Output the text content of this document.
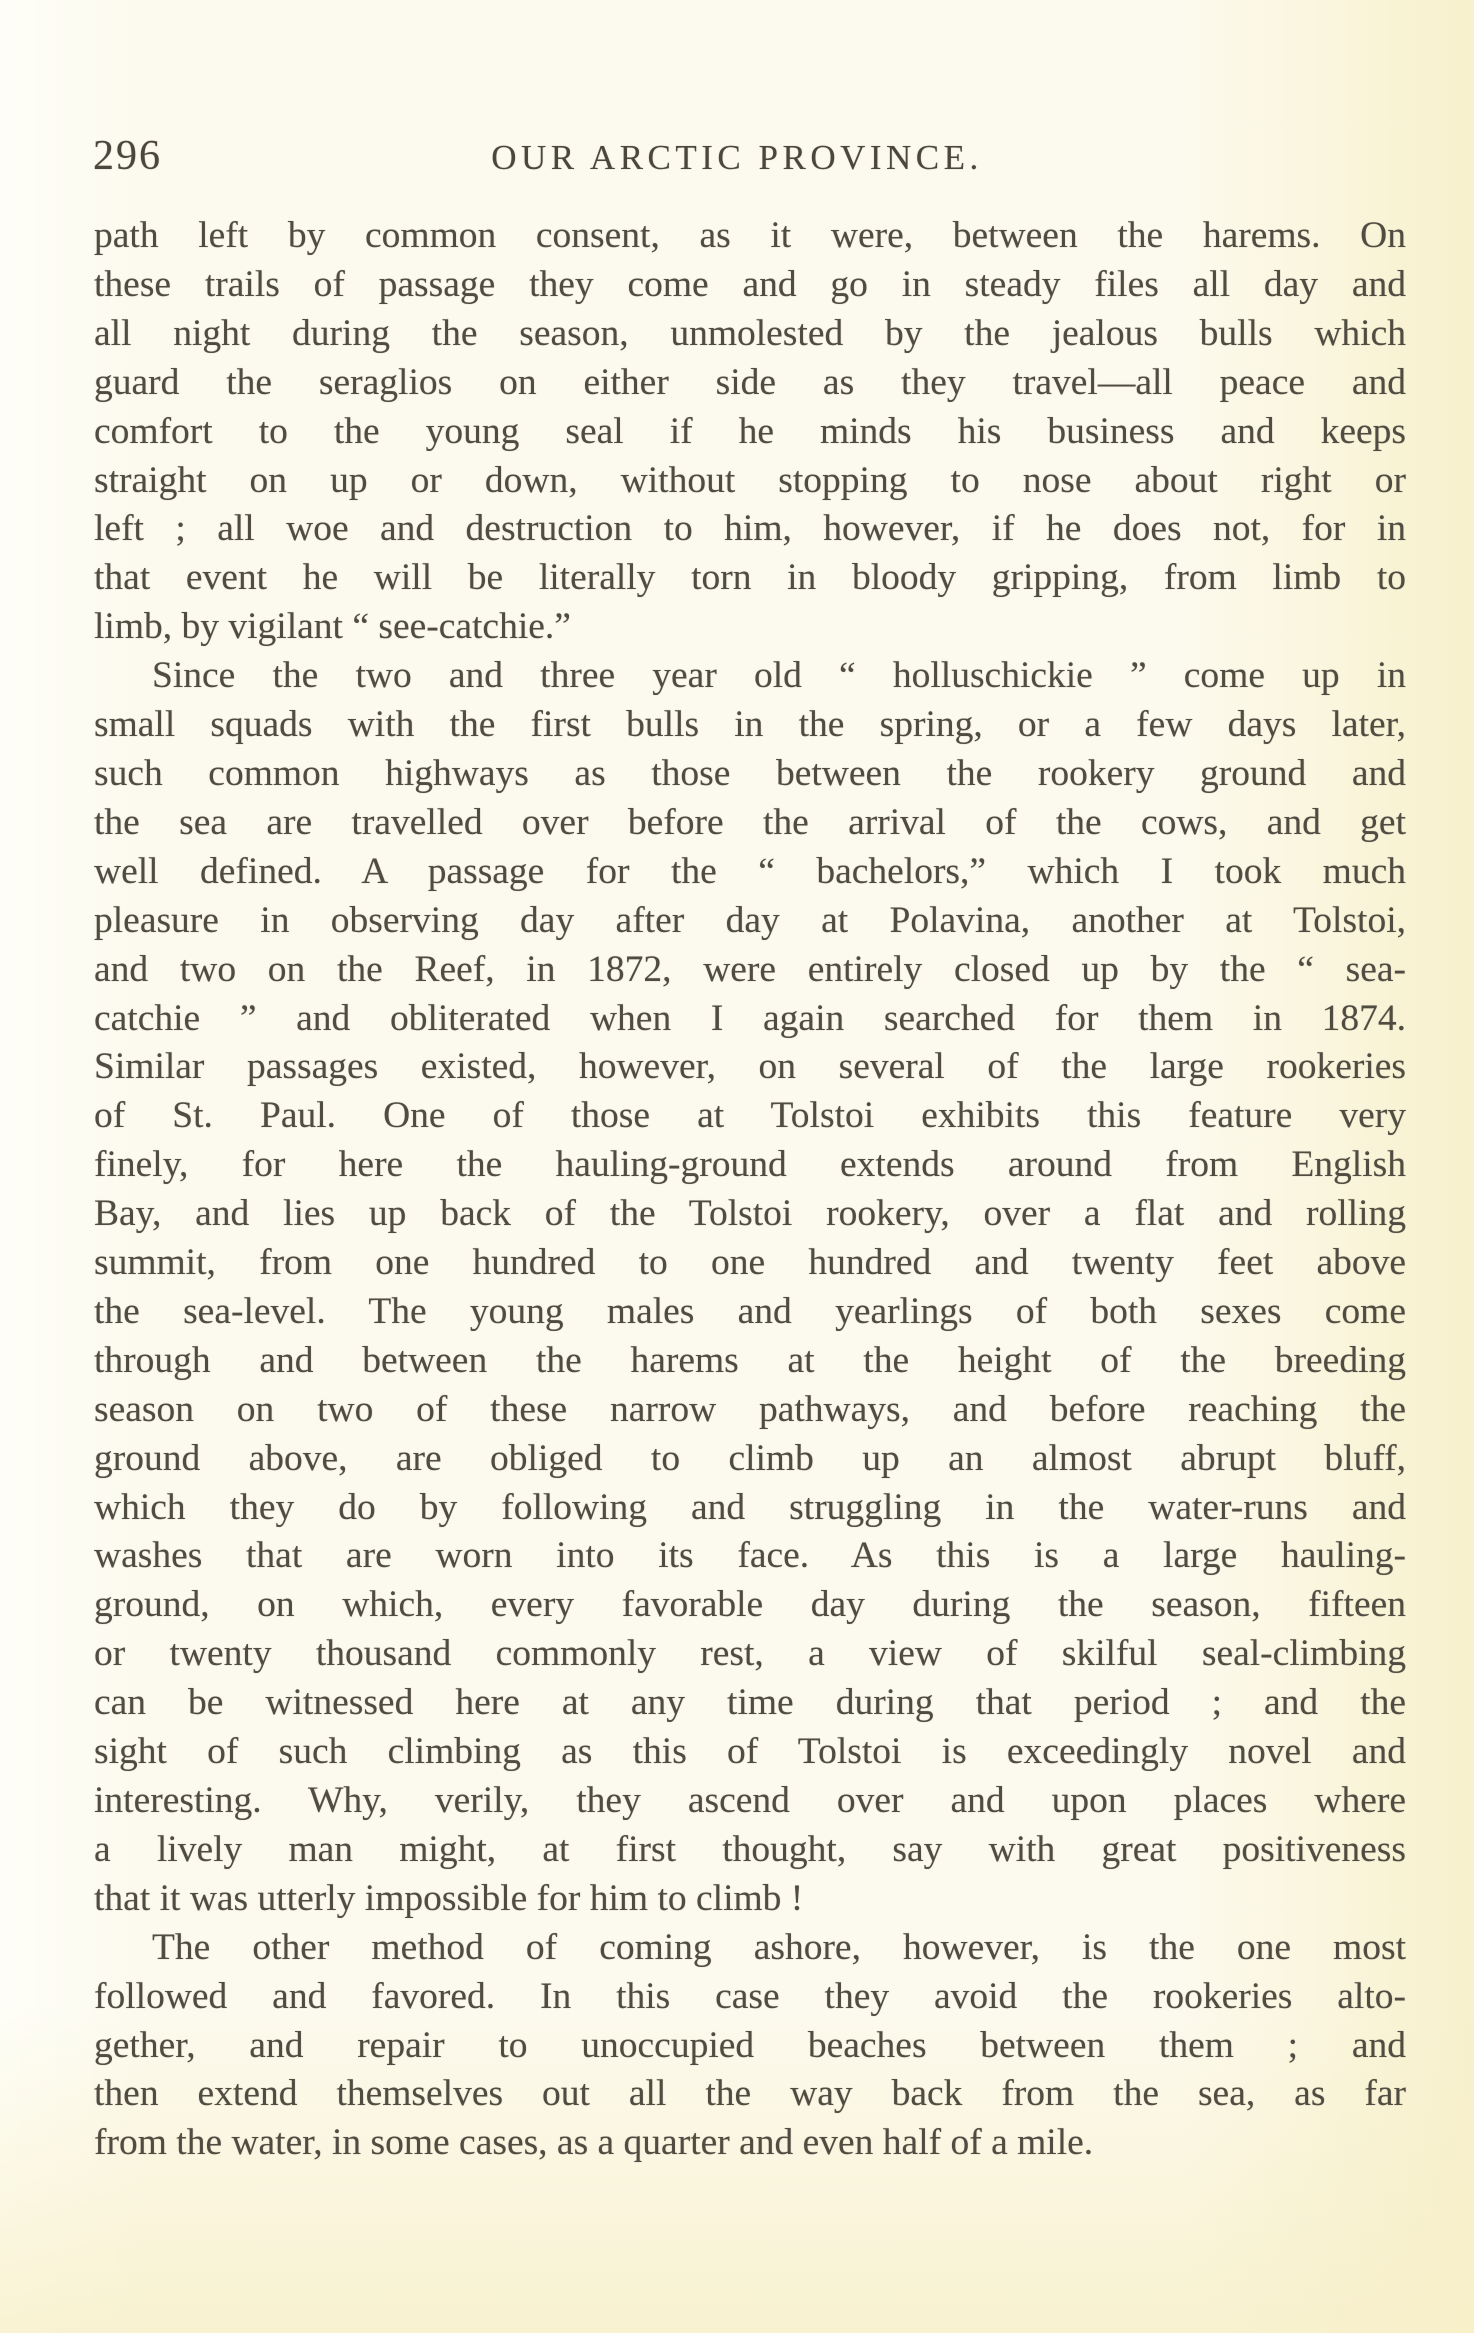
296	OUR ARCTIC PROVINCE.
path left by common consent, as it were, between the harems. On
these trails of passage they come and go in steady files all day and
all night during the season, unmolested by the jealous bulls which
guard the seraglios on either side as they travel—all peace and
comfort to the young seal if he minds his business and keeps
straight on up or down, without stopping to nose about right or
left ; all woe and destruction to him, however, if he does not, for in
that event he will be literally torn in bloody gripping, from limb to
limb, by vigilant “ see-catchie.”
Since the two and three year old “ holluschickie ” come up in
small squads with the first bulls in the spring, or a few days later,
such common highways as those between the rookery ground and
the sea are travelled over before the arrival of the cows, and get
well defined. A passage for the “ bachelors,” which I took much
pleasure in observing day after day at Polavina, another at Tolstoi,
and two on the Reef, in 1872, were entirely closed up by the “ sea-
catchie ” and obliterated when I again searched for them in 1874.
Similar passages existed, however, on several of the large rookeries
of St. Paul. One of those at Tolstoi exhibits this feature very
finely, for here the hauling-ground extends around from English
Bay, and lies up back of the Tolstoi rookery, over a flat and rolling
summit, from one hundred to one hundred and twenty feet above
the sea-level. The young males and yearlings of both sexes come
through and between the harems at the height of the breeding
season on two of these narrow pathways, and before reaching the
ground above, are obliged to climb up an almost abrupt bluff,
which they do by following and struggling in the water-runs and
washes that are worn into its face. As this is a large hauling-
ground, on which, every favorable day during the season, fifteen
or twenty thousand commonly rest, a view of skilful seal-climbing
can be witnessed here at any time during that period ; and the
sight of such climbing as this of Tolstoi is exceedingly novel and
interesting. Why, verily, they ascend over and upon places where
a lively man might, at first thought, say with great positiveness
that it was utterly impossible for him to climb !
The other method of coming ashore, however, is the one most
followed and favored. In this case they avoid the rookeries alto-
gether, and repair to unoccupied beaches between them ; and
then extend themselves out all the way back from the sea, as far
from the water, in some cases, as a quarter and even half of a mile.
